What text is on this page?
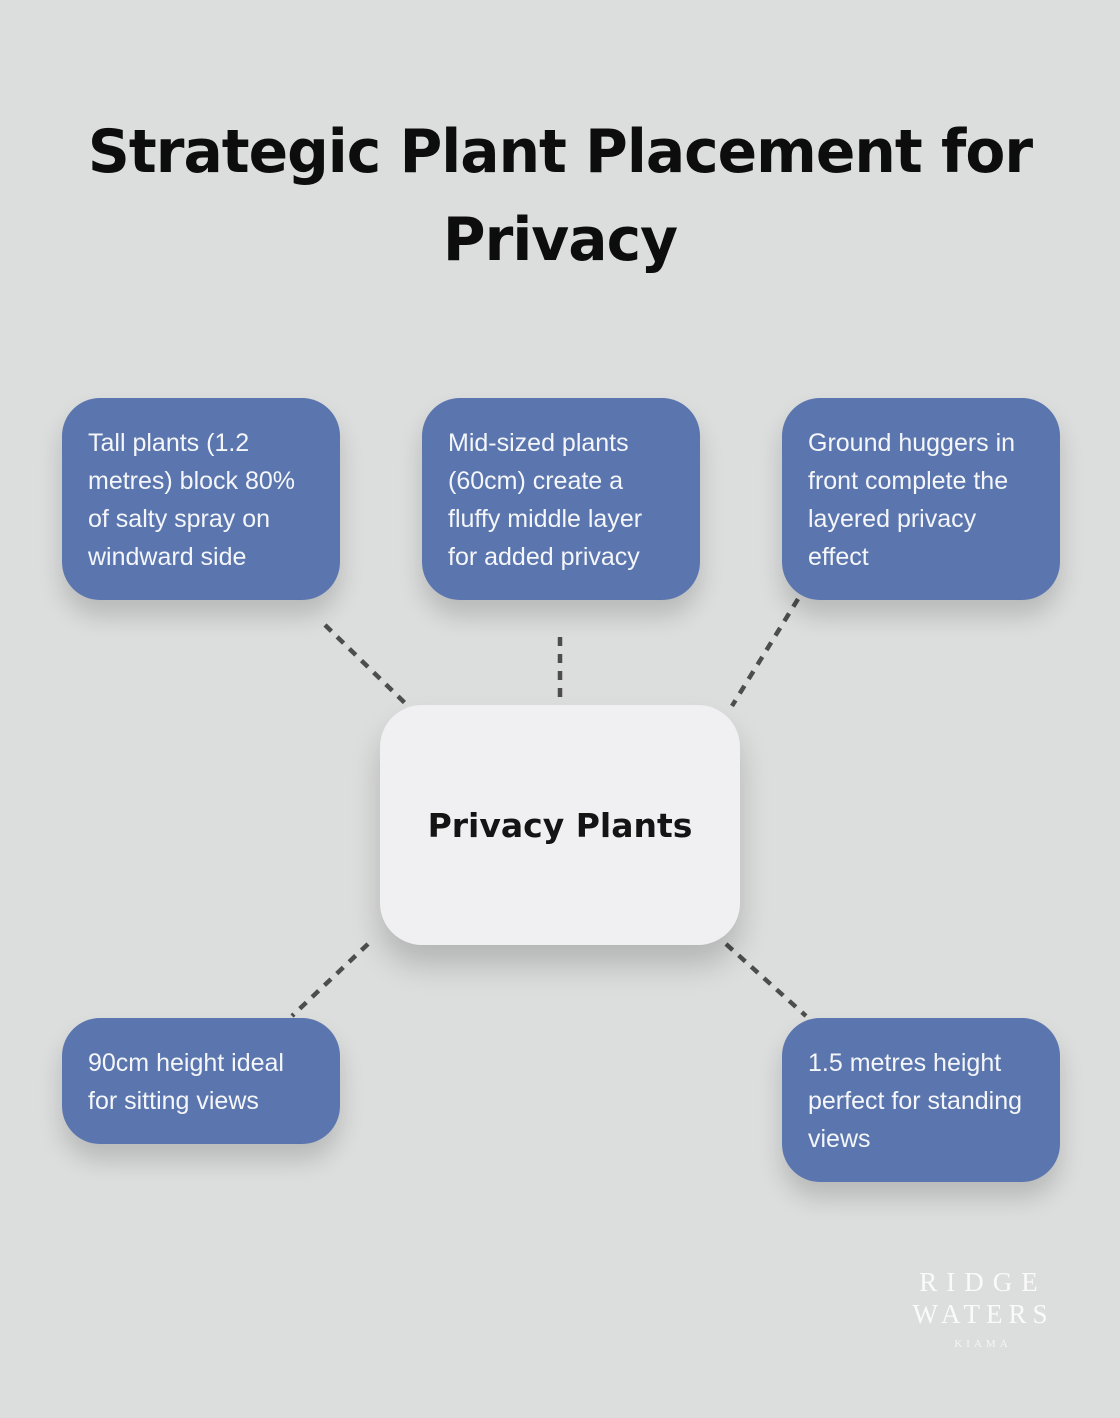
Strategic Plant Placement for Privacy
Tall plants (1.2 metres) block 80% of salty spray on windward side
Mid-sized plants (60cm) create a fluffy middle layer for added privacy
Ground huggers in front complete the layered privacy effect
Privacy Plants
90cm height ideal for sitting views
1.5 metres height perfect for standing views
RIDGE
WATERS
KIAMA
